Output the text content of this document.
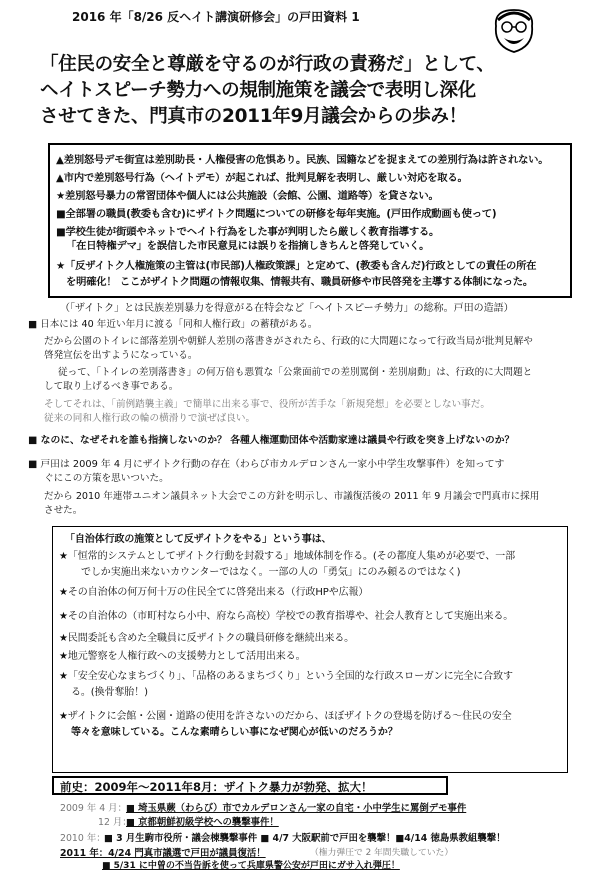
2016 年「8/26 反ヘイト講演研修会」の戸田資料 1
「住民の安全と尊厳を守るのが行政の責務だ」として、
ヘイトスピーチ勢力への規制施策を議会で表明し深化
させてきた、門真市の2011年9月議会からの歩み！
▲差別怒号デモ街宣は差別助長・人権侵害の危惧あり。民族、国籍などを捉まえての差別行為は許されない。
▲市内で差別怒号行為（ヘイトデモ）が起これば、批判見解を表明し、厳しい対応を取る。
★差別怒号暴力の常習団体や個人には公共施設（会館、公園、道路等）を貸さない。
■全部署の職員(教委も含む)にザイトク問題についての研修を毎年実施。(戸田作成動画も使って)
■学校生徒が街頭やネットでヘイト行為をした事が判明したら厳しく教育指導する。
「在日特権デマ」を誤信した市民意見には誤りを指摘しきちんと啓発していく。
★「反ザイトク人権施策の主管は(市民部)人権政策課」と定めて、(教委も含んだ)行政としての責任の所在
を明確化！ ここがザイトク問題の情報収集、情報共有、職員研修や市民啓発を主導する体制になった。
（「ザイトク」とは民族差別暴力を得意がる在特会など「ヘイトスピーチ勢力」の総称。戸田の造語）
■ 日本には 40 年近い年月に渡る「同和人権行政」の蓄積がある。
だから公園のトイレに部落差別や朝鮮人差別の落書きがされたら、行政的に大問題になって行政当局が批判見解や
啓発宣伝を出すようになっている。
従って、「トイレの差別落書き」の何万倍も悪質な「公衆面前での差別罵倒・差別扇動」は、行政的に大問題と
して取り上げるべき事である。
そしてそれは、「前例踏襲主義」で簡単に出来る事で、役所が苦手な「新規発想」を必要としない事だ。
従来の同和人権行政の輪の横滑りで演ぜば良い。
■ なのに、なぜそれを誰も指摘しないのか？ 各種人権運動団体や活動家達は議員や行政を突き上げないのか？
■ 戸田は 2009 年 4 月にザイトク行動の存在（わらび市カルデロンさん一家小中学生攻撃事件）を知ってす
ぐにこの方策を思いついた。
だから 2010 年連帯ユニオン議員ネット大会でこの方針を明示し、市議復活後の 2011 年 9 月議会で門真市に採用
させた。
「自治体行政の施策として反ザイトクをやる」という事は、
★「恒常的システムとしてザイトク行動を封殺する」地域体制を作る。(その都度人集めが必要で、一部
でしか実施出来ないカウンターではなく。一部の人の「勇気」にのみ頼るのではなく)
★その自治体の何万何十万の住民全てに啓発出来る（行政HPや広報）
★その自治体の（市町村なら小中、府なら高校）学校での教育指導や、社会人教育として実施出来る。
★民間委託も含めた全職員に反ザイトクの職員研修を継続出来る。
★地元警察を人権行政への支援勢力として活用出来る。
★「安全安心なまちづくり」、「品格のあるまちづくり」という全国的な行政スローガンに完全に合致す
る。(換骨奪胎！)
★ザイトクに会館・公園・道路の使用を許さないのだから、ほぼザイトクの登場を防げる～住民の安全
等々を意味している。こんな素晴らしい事になぜ関心が低いのだろうか？
前史：2009年～2011年8月：ザイトク暴力が勃発、拡大！
2009 年 4 月： ■ 埼玉県蕨（わらび）市でカルデロンさん一家の自宅・小中学生に罵倒デモ事件
12 月：
■ 京都朝鮮初級学校への襲撃事件！
2010 年：
■ 3 月生駒市役所・議会棟襲撃事件 ■ 4/7 大阪駅前で戸田を襲撃！■4/14 徳島県教組襲撃！
2011 年：4/24 門真市議選で戸田が議員復活！	（権力弾圧で 2 年間失職していた）
■ 5/31 に中曽の不当告訴を使って兵庫県警公安が戸田にガサ入れ弾圧！
